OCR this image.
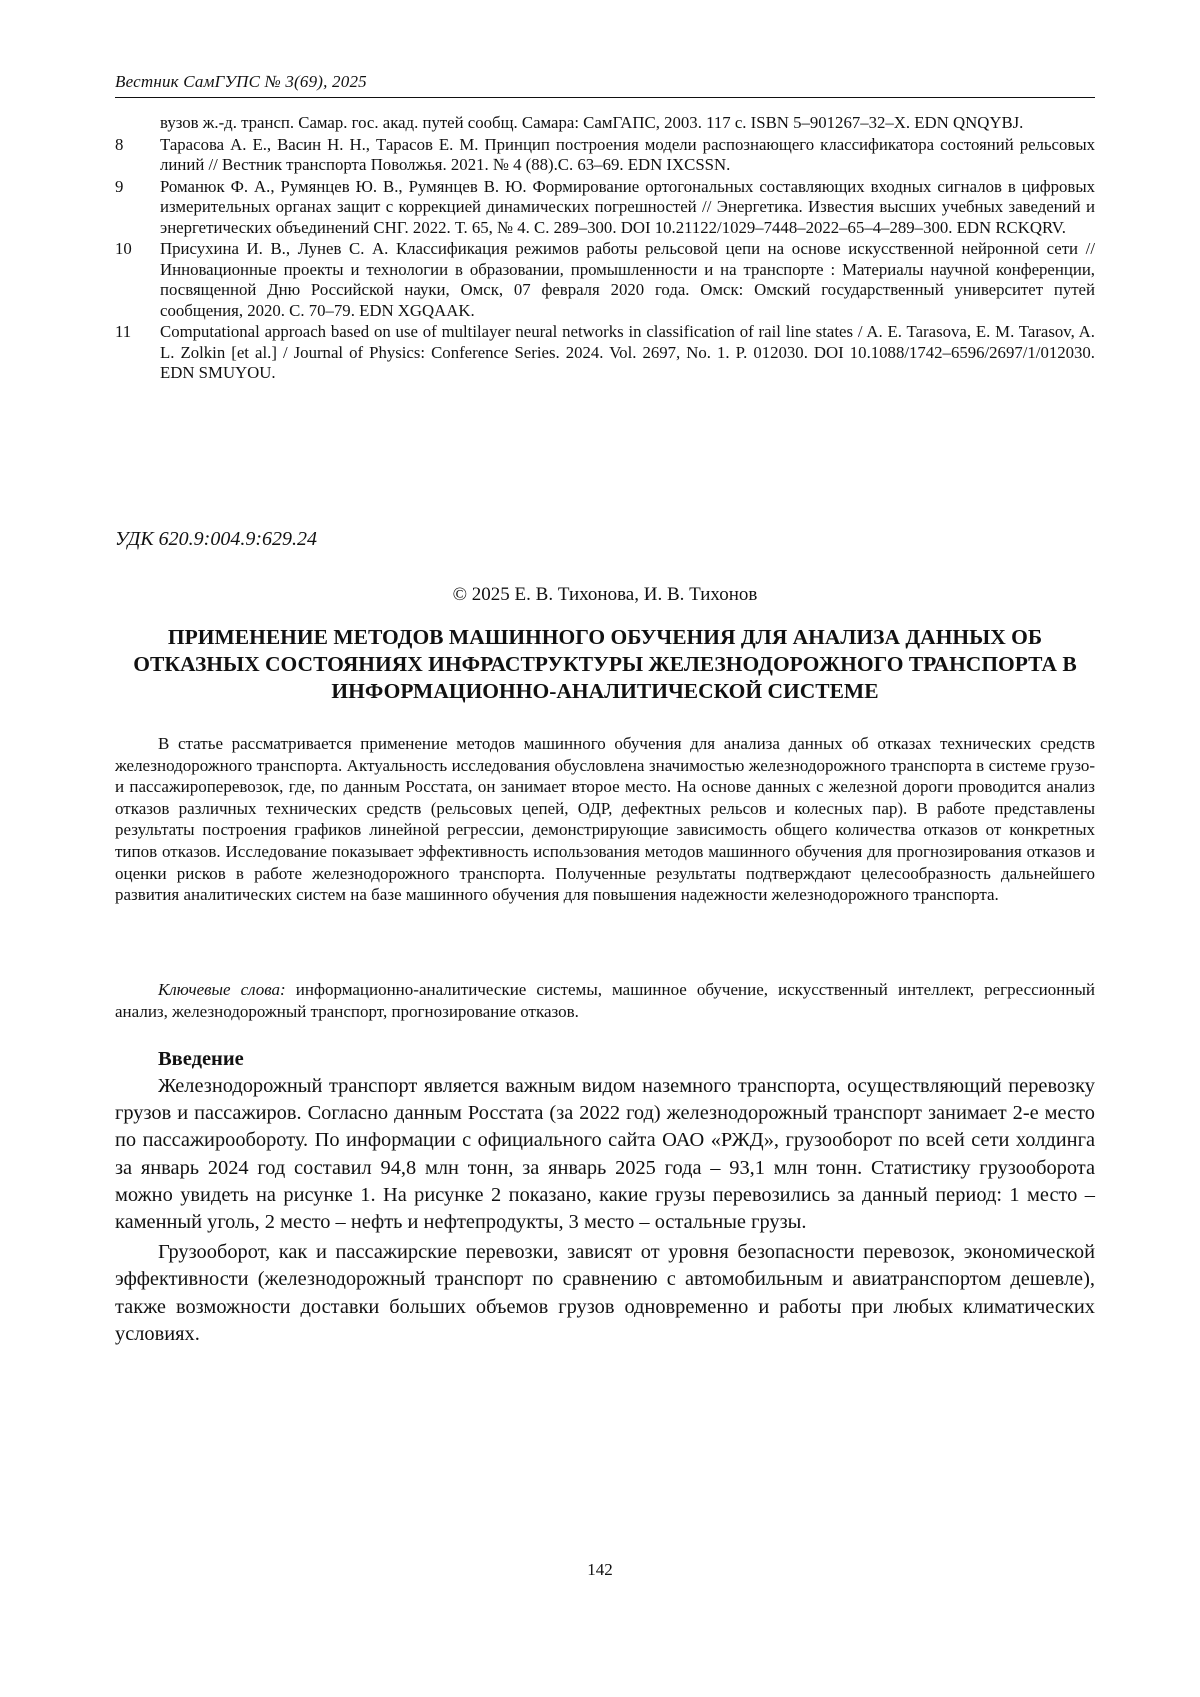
Вестник СамГУПС № 3(69), 2025
вузов ж.-д. трансп. Самар. гос. акад. путей сообщ. Самара: СамГАПС, 2003. 117 с. ISBN 5–901267–32–X. EDN QNQYBJ.
8	Тарасова А. Е., Васин Н. Н., Тарасов Е. М. Принцип построения модели распознающего классификатора состояний рельсовых линий // Вестник транспорта Поволжья. 2021. № 4 (88).С. 63–69. EDN IXCSSN.
9	Романюк Ф. А., Румянцев Ю. В., Румянцев В. Ю. Формирование ортогональных составляющих входных сигналов в цифровых измерительных органах защит с коррекцией динамических погрешностей // Энергетика. Известия высших учебных заведений и энергетических объединений СНГ. 2022. Т. 65, № 4. С. 289–300. DOI 10.21122/1029–7448–2022–65–4–289–300. EDN RCKQRV.
10	Присухина И. В., Лунев С. А. Классификация режимов работы рельсовой цепи на основе искусственной нейронной сети // Инновационные проекты и технологии в образовании, промышленности и на транспорте : Материалы научной конференции, посвященной Дню Российской науки, Омск, 07 февраля 2020 года. Омск: Омский государственный университет путей сообщения, 2020. С. 70–79. EDN XGQAAK.
11	Computational approach based on use of multilayer neural networks in classification of rail line states / A. E. Tarasova, E. M. Tarasov, A. L. Zolkin [et al.] / Journal of Physics: Conference Series. 2024. Vol. 2697, No. 1. P. 012030. DOI 10.1088/1742–6596/2697/1/012030. EDN SMUYOU.
УДК 620.9:004.9:629.24
© 2025 Е. В. Тихонова, И. В. Тихонов
ПРИМЕНЕНИЕ МЕТОДОВ МАШИННОГО ОБУЧЕНИЯ ДЛЯ АНАЛИЗА ДАННЫХ ОБ ОТКАЗНЫХ СОСТОЯНИЯХ ИНФРАСТРУКТУРЫ ЖЕЛЕЗНОДОРОЖНОГО ТРАНСПОРТА В ИНФОРМАЦИОННО-АНАЛИТИЧЕСКОЙ СИСТЕМЕ

В статье рассматривается применение методов машинного обучения для анализа данных об отказах технических средств железнодорожного транспорта. Актуальность исследования обусловлена значимостью железнодорожного транспорта в системе грузо- и пассажироперевозок, где, по данным Росстата, он занимает второе место. На основе данных с железной дороги проводится анализ отказов различных технических средств (рельсовых цепей, ОДР, дефектных рельсов и колесных пар). В работе представлены результаты построения графиков линейной регрессии, демонстрирующие зависимость общего количества отказов от конкретных типов отказов. Исследование показывает эффективность использования методов машинного обучения для прогнозирования отказов и оценки рисков в работе железнодорожного транспорта. Полученные результаты подтверждают целесообразность дальнейшего развития аналитических систем на базе машинного обучения для повышения надежности железнодорожного транспорта.

Ключевые слова: информационно-аналитические системы, машинное обучение, искусственный интеллект, регрессионный анализ, железнодорожный транспорт, прогнозирование отказов.

Введение

Железнодорожный транспорт является важным видом наземного транспорта, осуществляющий перевозку грузов и пассажиров. Согласно данным Росстата (за 2022 год) железнодорожный транспорт занимает 2-е место по пассажирообороту. По информации с официального сайта ОАО «РЖД», грузооборот по всей сети холдинга за январь 2024 год составил 94,8 млн тонн, за январь 2025 года – 93,1 млн тонн. Статистику грузооборота можно увидеть на рисунке 1. На рисунке 2 показано, какие грузы перевозились за данный период: 1 место – каменный уголь, 2 место – нефть и нефтепродукты, 3 место – остальные грузы.

Грузооборот, как и пассажирские перевозки, зависят от уровня безопасности перевозок, экономической эффективности (железнодорожный транспорт по сравнению с автомобильным и авиатранспортом дешевле), также возможности доставки больших объемов грузов одновременно и работы при любых климатических условиях.

142
